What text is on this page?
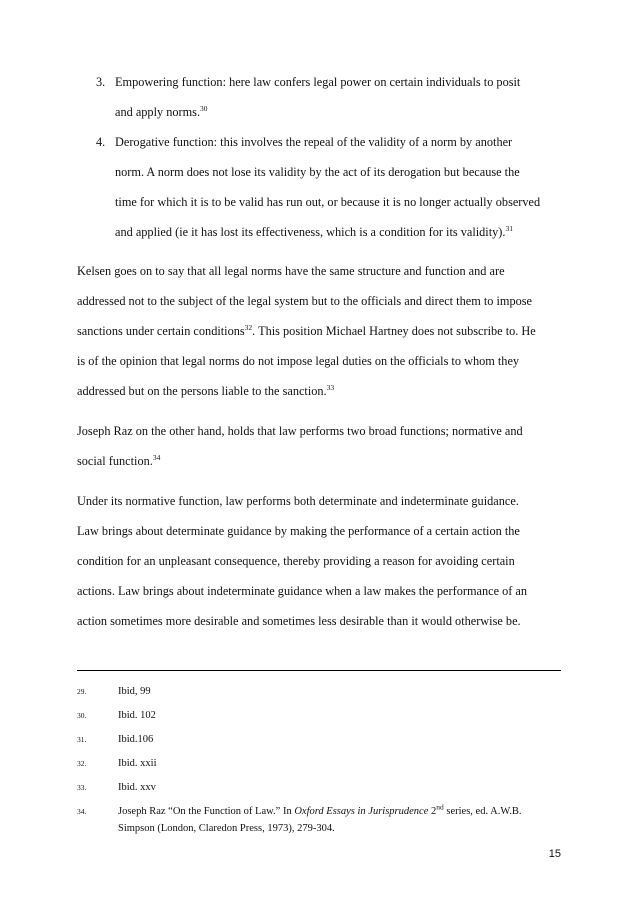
3. Empowering function: here law confers legal power on certain individuals to posit
and apply norms.$^{30}$
4. Derogative function: this involves the repeal of the validity of a norm by another
norm. A norm does not lose its validity by the act of its derogation but because the
time for which it is to be valid has run out, or because it is no longer actually observed
and applied (ie it has lost its effectiveness, which is a condition for its validity).$^{31}$
Kelsen goes on to say that all legal norms have the same structure and function and are
addressed not to the subject of the legal system but to the officials and direct them to impose
sanctions under certain conditions$^{32}$. This position Michael Hartney does not subscribe to. He
is of the opinion that legal norms do not impose legal duties on the officials to whom they
addressed but on the persons liable to the sanction.$^{33}$
Joseph Raz on the other hand, holds that law performs two broad functions; normative and
social function.$^{34}$
Under its normative function, law performs both determinate and indeterminate guidance.
Law brings about determinate guidance by making the performance of a certain action the
condition for an unpleasant consequence, thereby providing a reason for avoiding certain
actions. Law brings about indeterminate guidance when a law makes the performance of an
action sometimes more desirable and sometimes less desirable than it would otherwise be.
29.	Ibid, 99
30.	Ibid. 102
31.	Ibid.106
32.	Ibid. xxii
33.	Ibid. xxv
34.	Joseph Raz “On the Function of Law.” In Oxford Essays in Jurisprudence 2nd series, ed. A.W.B.
Simpson (London, Claredon Press, 1973), 279-304.
15
